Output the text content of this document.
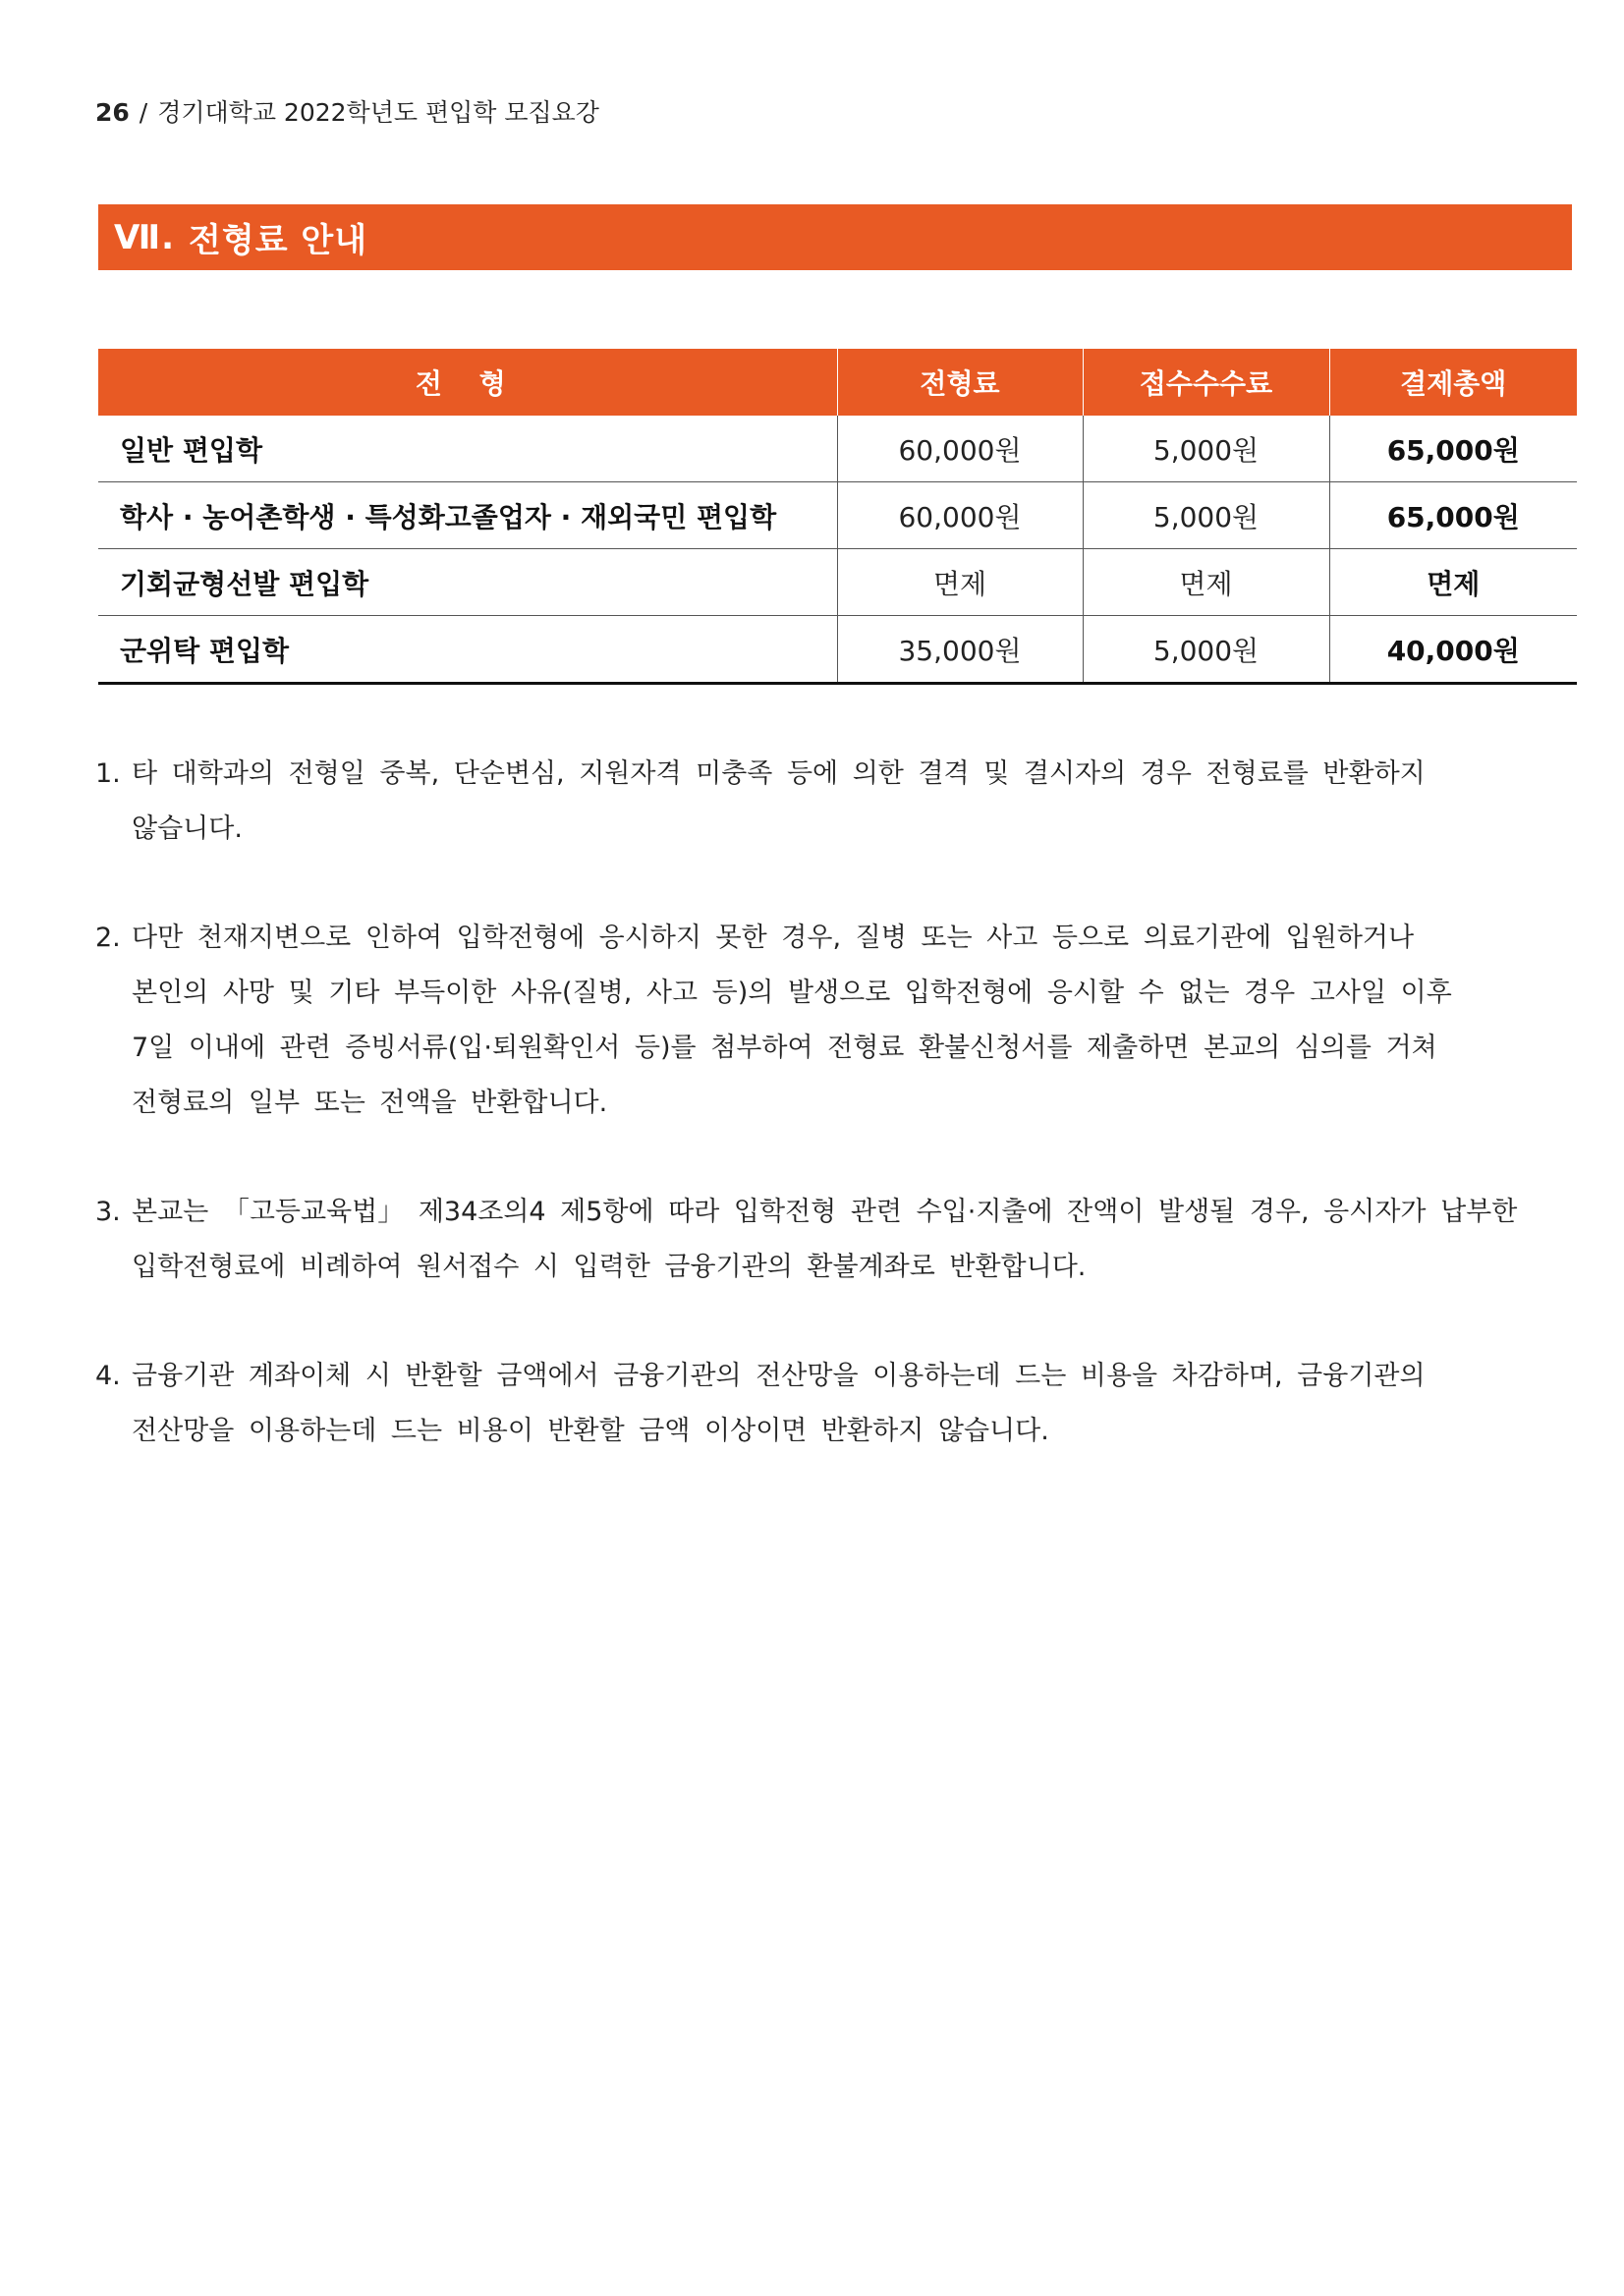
26 / 경기대학교 2022학년도 편입학 모집요강
Ⅶ. 전형료 안내
전 형	전형료	접수수수료	결제총액
일반 편입학	60,000원	5,000원	65,000원
학사 · 농어촌학생 · 특성화고졸업자 · 재외국민 편입학	60,000원	5,000원	65,000원
기회균형선발 편입학	면제	면제	면제
군위탁 편입학	35,000원	5,000원	40,000원
1. 타 대학과의 전형일 중복, 단순변심, 지원자격 미충족 등에 의한 결격 및 결시자의 경우 전형료를 반환하지
않습니다.
2. 다만 천재지변으로 인하여 입학전형에 응시하지 못한 경우, 질병 또는 사고 등으로 의료기관에 입원하거나
본인의 사망 및 기타 부득이한 사유(질병, 사고 등)의 발생으로 입학전형에 응시할 수 없는 경우 고사일 이후
7일 이내에 관련 증빙서류(입·퇴원확인서 등)를 첨부하여 전형료 환불신청서를 제출하면 본교의 심의를 거쳐
전형료의 일부 또는 전액을 반환합니다.
3. 본교는 「고등교육법」 제34조의4 제5항에 따라 입학전형 관련 수입·지출에 잔액이 발생될 경우, 응시자가 납부한
입학전형료에 비례하여 원서접수 시 입력한 금융기관의 환불계좌로 반환합니다.
4. 금융기관 계좌이체 시 반환할 금액에서 금융기관의 전산망을 이용하는데 드는 비용을 차감하며, 금융기관의
전산망을 이용하는데 드는 비용이 반환할 금액 이상이면 반환하지 않습니다.
